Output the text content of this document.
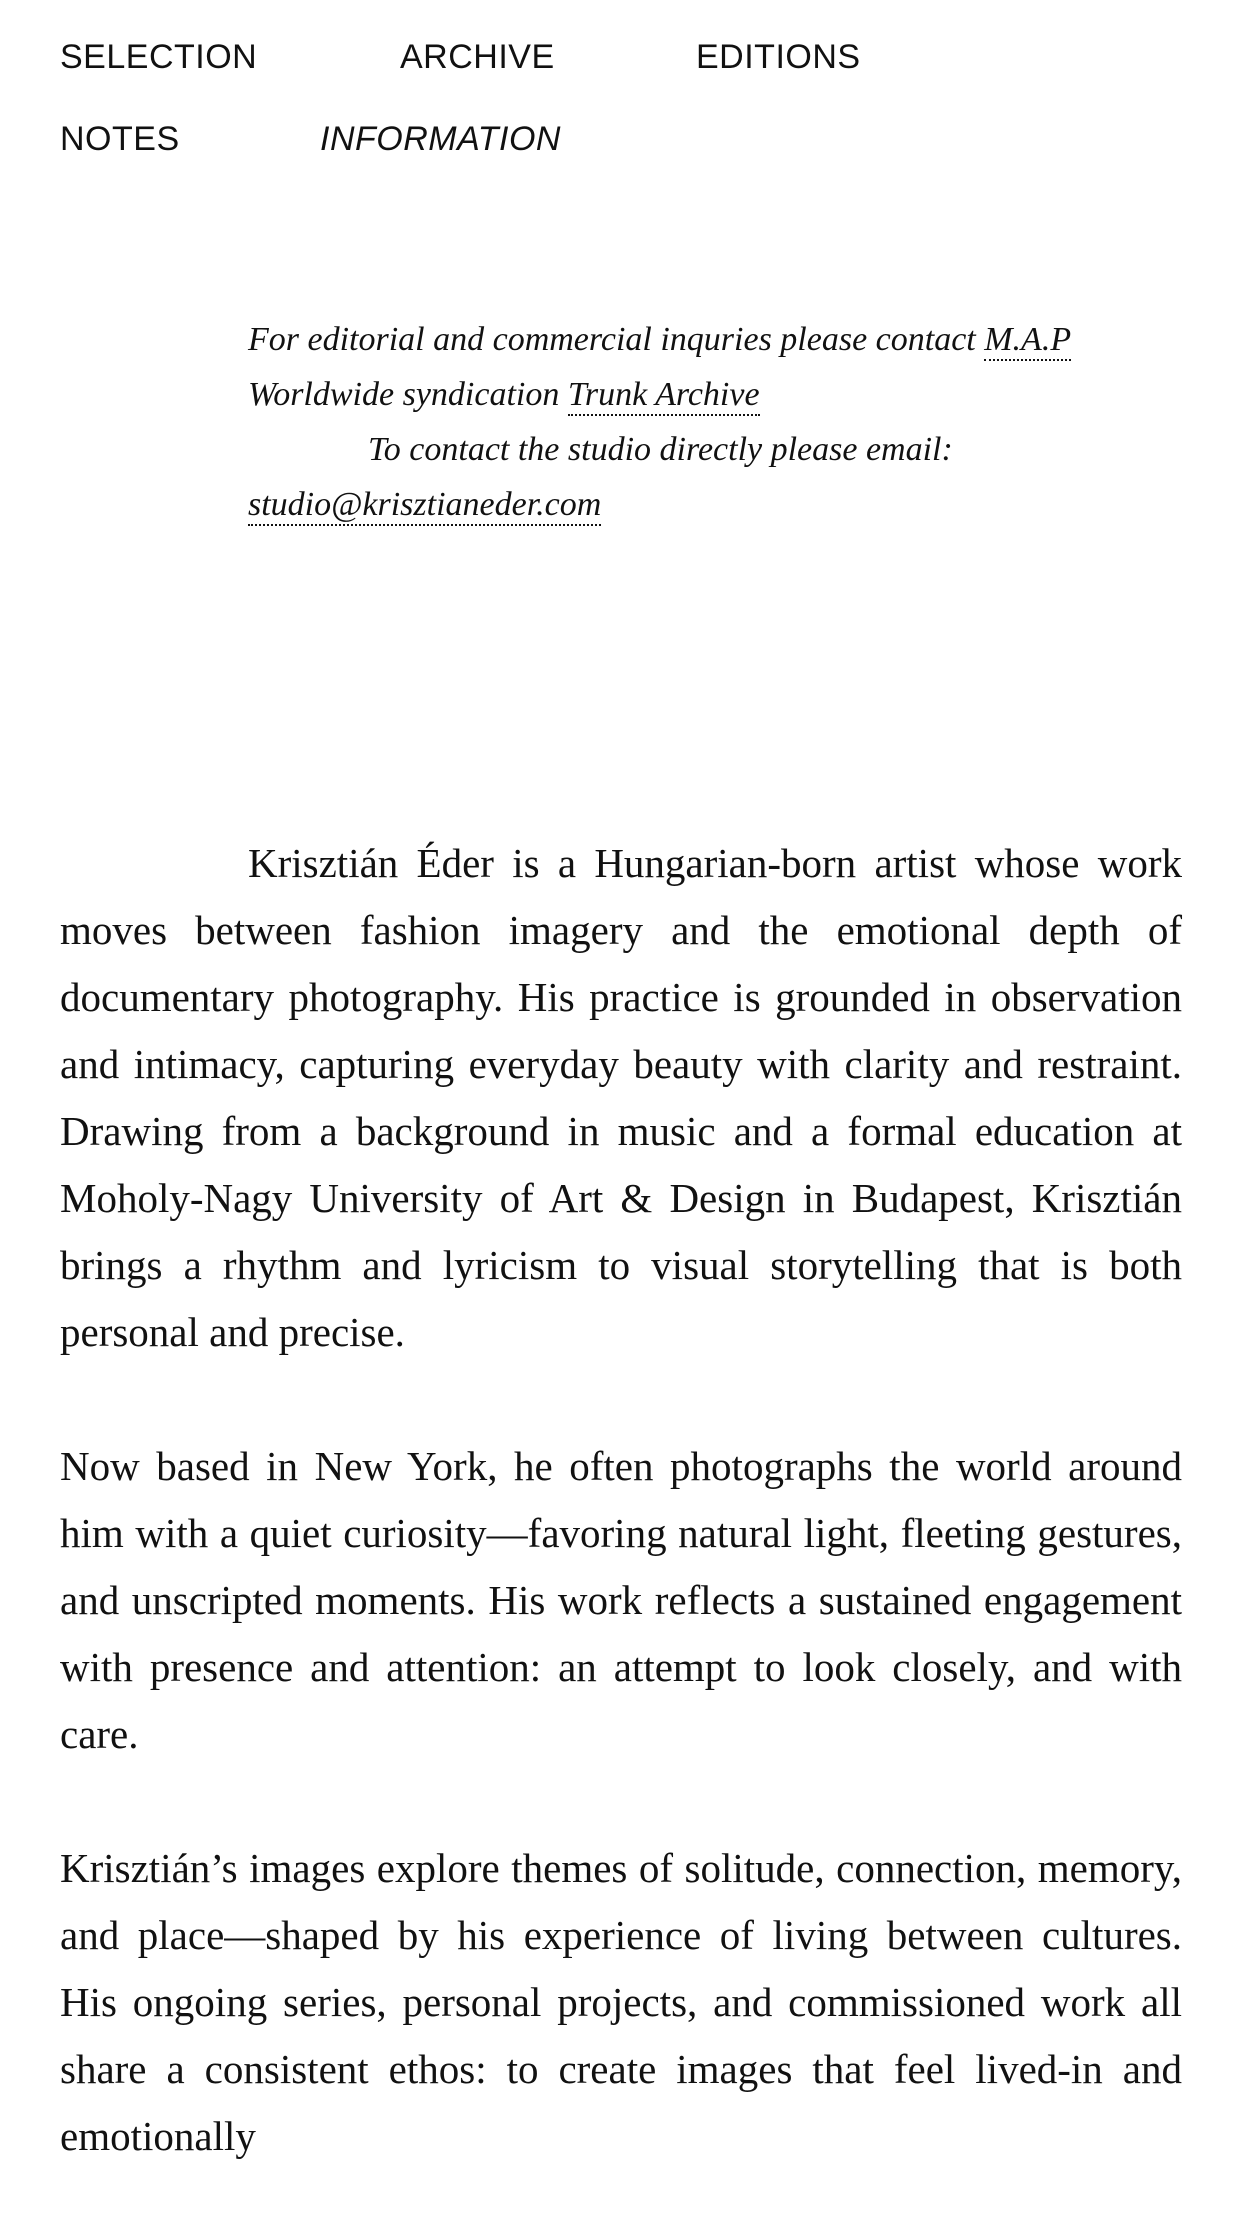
SELECTION	ARCHIVE	EDITIONS
NOTES	INFORMATION
For editorial and commercial inquries please contact M.A.P
Worldwide syndication Trunk Archive
To contact the studio directly please email:
studio@krisztianeder.com

Krisztián Éder is a Hungarian-born artist whose work moves between fashion imagery and the emotional depth of documentary photography. His practice is grounded in observation and intimacy, capturing everyday beauty with clarity and restraint. Drawing from a background in music and a formal education at Moholy-Nagy University of Art & Design in Budapest, Krisztián brings a rhythm and lyricism to visual storytelling that is both personal and precise.

Now based in New York, he often photographs the world around him with a quiet curiosity—favoring natural light, fleeting gestures, and unscripted moments. His work reflects a sustained engagement with presence and attention: an attempt to look closely, and with care.

Krisztián’s images explore themes of solitude, connection, memory, and place—shaped by his experience of living between cultures. His ongoing series, personal projects, and commissioned work all share a consistent ethos: to create images that feel lived-in and emotionally
